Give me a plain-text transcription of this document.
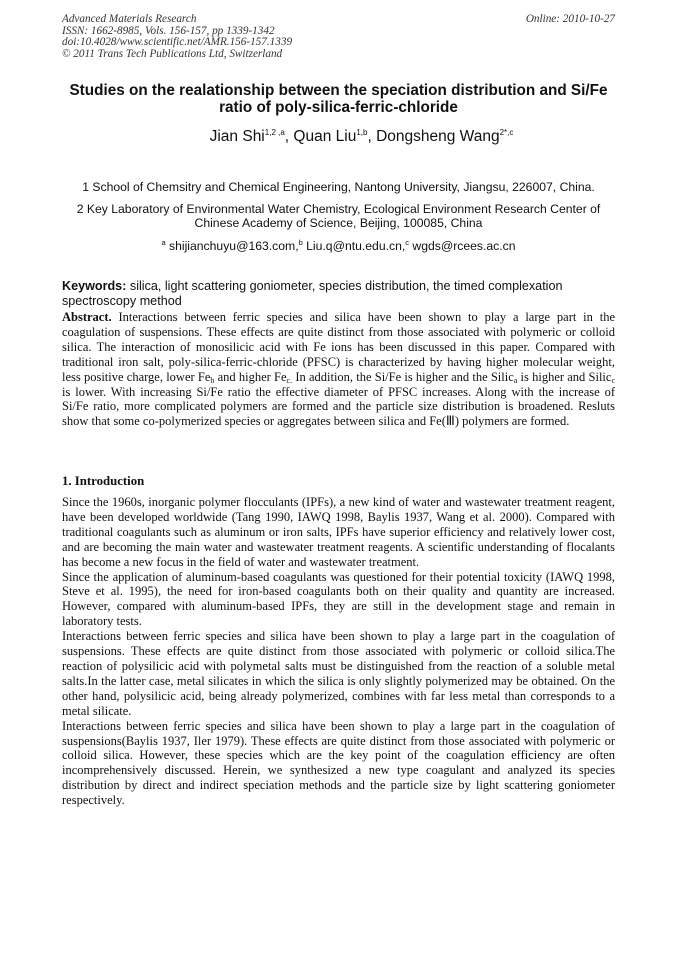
Advanced Materials Research
ISSN: 1662-8985, Vols. 156-157, pp 1339-1342
doi:10.4028/www.scientific.net/AMR.156-157.1339
© 2011 Trans Tech Publications Ltd, Switzerland
Online: 2010-10-27
Studies on the realationship between the speciation distribution and Si/Fe ratio of poly-silica-ferric-chloride
Jian Shi$^{1,2 ,a}$, Quan Liu$^{1,b}$, Dongsheng Wang$^{2*,c}$
1 School of Chemsitry and Chemical Engineering, Nantong University, Jiangsu, 226007, China.
2 Key Laboratory of Environmental Water Chemistry, Ecological Environment Research Center of
Chinese Academy of Science, Beijing, 100085, China
$^a$ shijianchuyu@163.com,$^b$ Liu.q@ntu.edu.cn,$^c$ wgds@rcees.ac.cn
Keywords: silica, light scattering goniometer, species distribution, the timed complexation spectroscopy method
Abstract. Interactions between ferric species and silica have been shown to play a large part in the coagulation of suspensions. These effects are quite distinct from those associated with polymeric or colloid silica. The interaction of monosilicic acid with Fe ions has been discussed in this paper. Compared with traditional iron salt, poly-silica-ferric-chloride (PFSC) is characterized by having higher molecular weight, less positive charge, lower $Fe_b$ and higher $Fe_{c.}$ In addition, the Si/Fe is higher and the Silic$_a$ is higher and Silic$_c$ is lower. With increasing Si/Fe ratio the effective diameter of PFSC increases. Along with the increase of Si/Fe ratio, more complicated polymers are formed and the particle size distribution is broadened. Resluts show that some co-polymerized species or aggregates between silica and Fe(Ⅲ) polymers are formed.
1. Introduction

Since the 1960s, inorganic polymer flocculants (IPFs), a new kind of water and wastewater treatment reagent, have been developed worldwide (Tang 1990, IAWQ 1998, Baylis 1937, Wang et al. 2000). Compared with traditional coagulants such as aluminum or iron salts, IPFs have superior efficiency and relatively lower cost, and are becoming the main water and wastewater treatment reagents. A scientific understanding of flocalants has become a new focus in the field of water and wastewater treatment.

Since the application of aluminum-based coagulants was questioned for their potential toxicity (IAWQ 1998, Steve et al. 1995), the need for iron-based coagulants both on their quality and quantity are increased. However, compared with aluminum-based IPFs, they are still in the development stage and remain in laboratory tests.

Interactions between ferric species and silica have been shown to play a large part in the coagulation of suspensions. These effects are quite distinct from those associated with polymeric or colloid silica.The reaction of polysilicic acid with polymetal salts must be distinguished from the reaction of a soluble metal salts.In the latter case, metal silicates in which the silica is only slightly polymerized may be obtained. On the other hand, polysilicic acid, being already polymerized, combines with far less metal than corresponds to a metal silicate.

Interactions between ferric species and silica have been shown to play a large part in the coagulation of suspensions(Baylis 1937, Iler 1979). These effects are quite distinct from those associated with polymeric or colloid silica. However, these species which are the key point of the coagulation efficiency are often incomprehensively discussed. Herein, we synthesized a new type coagulant and analyzed its species distribution by direct and indirect speciation methods and the particle size by light scattering goniometer respectively.
